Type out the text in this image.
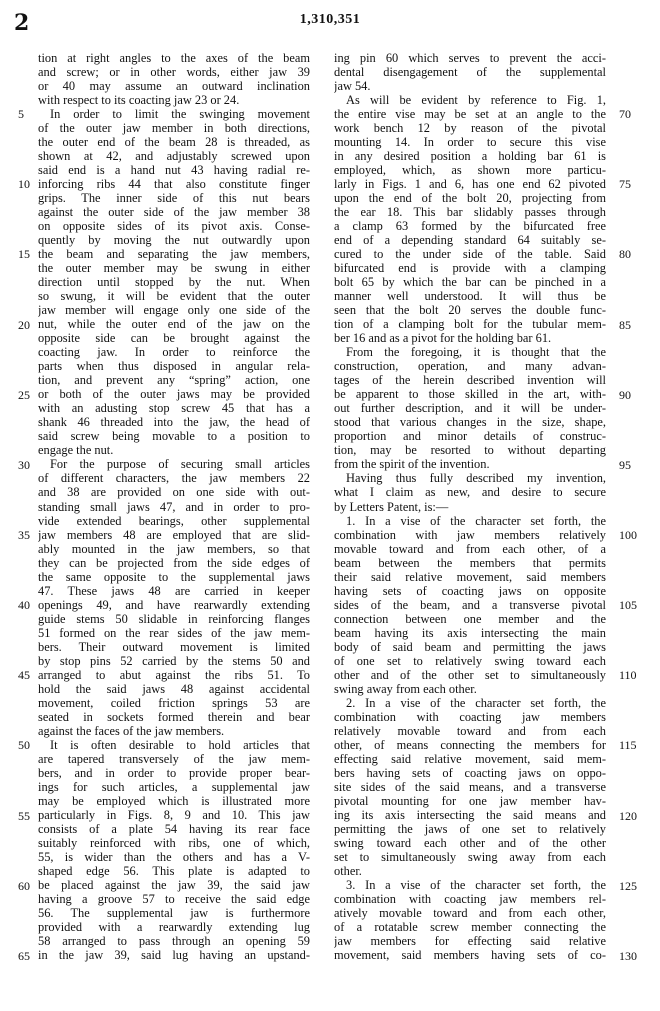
2	1,310,351
tion at right angles to the axes of the beam
and screw; or in other words, either jaw 39
or 40 may assume an outward inclination
with respect to its coacting jaw 23 or 24.
In order to limit the swinging movement
of the outer jaw member in both directions,
the outer end of the beam 28 is threaded, as
shown at 42, and adjustably screwed upon
said end is a hand nut 43 having radial re-
inforcing ribs 44 that also constitute finger
grips. The inner side of this nut bears
against the outer side of the jaw member 38
on opposite sides of its pivot axis. Conse-
quently by moving the nut outwardly upon
the beam and separating the jaw members,
the outer member may be swung in either
direction until stopped by the nut. When
so swung, it will be evident that the outer
jaw member will engage only one side of the
nut, while the outer end of the jaw on the
opposite side can be brought against the
coacting jaw. In order to reinforce the
parts when thus disposed in angular rela-
tion, and prevent any “spring” action, one
or both of the outer jaws may be provided
with an adusting stop screw 45 that has a
shank 46 threaded into the jaw, the head of
said screw being movable to a position to
engage the nut.
For the purpose of securing small articles
of different characters, the jaw members 22
and 38 are provided on one side with out-
standing small jaws 47, and in order to pro-
vide extended bearings, other supplemental
jaw members 48 are employed that are slid-
ably mounted in the jaw members, so that
they can be projected from the side edges of
the same opposite to the supplemental jaws
47. These jaws 48 are carried in keeper
openings 49, and have rearwardly extending
guide stems 50 slidable in reinforcing flanges
51 formed on the rear sides of the jaw mem-
bers. Their outward movement is limited
by stop pins 52 carried by the stems 50 and
arranged to abut against the ribs 51. To
hold the said jaws 48 against accidental
movement, coiled friction springs 53 are
seated in sockets formed therein and bear
against the faces of the jaw members.
It is often desirable to hold articles that
are tapered transversely of the jaw mem-
bers, and in order to provide proper bear-
ings for such articles, a supplemental jaw
may be employed which is illustrated more
particularly in Figs. 8, 9 and 10. This jaw
consists of a plate 54 having its rear face
suitably reinforced with ribs, one of which,
55, is wider than the others and has a V-
shaped edge 56. This plate is adapted to
be placed against the jaw 39, the said jaw
having a groove 57 to receive the said edge
56. The supplemental jaw is furthermore
provided with a rearwardly extending lug
58 arranged to pass through an opening 59
in the jaw 39, said lug having an upstand-
ing pin 60 which serves to prevent the acci-
dental disengagement of the supplemental
jaw 54.
As will be evident by reference to Fig. 1,
the entire vise may be set at an angle to the
work bench 12 by reason of the pivotal
mounting 14. In order to secure this vise
in any desired position a holding bar 61 is
employed, which, as shown more particu-
larly in Figs. 1 and 6, has one end 62 pivoted
upon the end of the bolt 20, projecting from
the ear 18. This bar slidably passes through
a clamp 63 formed by the bifurcated free
end of a depending standard 64 suitably se-
cured to the under side of the table. Said
bifurcated end is provide with a clamping
bolt 65 by which the bar can be pinched in a
manner well understood. It will thus be
seen that the bolt 20 serves the double func-
tion of a clamping bolt for the tubular mem-
ber 16 and as a pivot for the holding bar 61.
From the foregoing, it is thought that the
construction, operation, and many advan-
tages of the herein described invention will
be apparent to those skilled in the art, with-
out further description, and it will be under-
stood that various changes in the size, shape,
proportion and minor details of construc-
tion, may be resorted to without departing
from the spirit of the invention.
Having thus fully described my invention,
what I claim as new, and desire to secure
by Letters Patent, is:—
1. In a vise of the character set forth, the
combination with jaw members relatively
movable toward and from each other, of a
beam between the members that permits
their said relative movement, said members
having sets of coacting jaws on opposite
sides of the beam, and a transverse pivotal
connection between one member and the
beam having its axis intersecting the main
body of said beam and permitting the jaws
of one set to relatively swing toward each
other and of the other set to simultaneously
swing away from each other.
2. In a vise of the character set forth, the
combination with coacting jaw members
relatively movable toward and from each
other, of means connecting the members for
effecting said relative movement, said mem-
bers having sets of coacting jaws on oppo-
site sides of the said means, and a transverse
pivotal mounting for one jaw member hav-
ing its axis intersecting the said means and
permitting the jaws of one set to relatively
swing toward each other and of the other
set to simultaneously swing away from each
other.
3. In a vise of the character set forth, the
combination with coacting jaw members rel-
atively movable toward and from each other,
of a rotatable screw member connecting the
jaw members for effecting said relative
movement, said members having sets of co-
5
10
15
20
25
30
35
40
45
50
55
60
65
70
75
80
85
90
95
100
105
110
115
120
125
130
